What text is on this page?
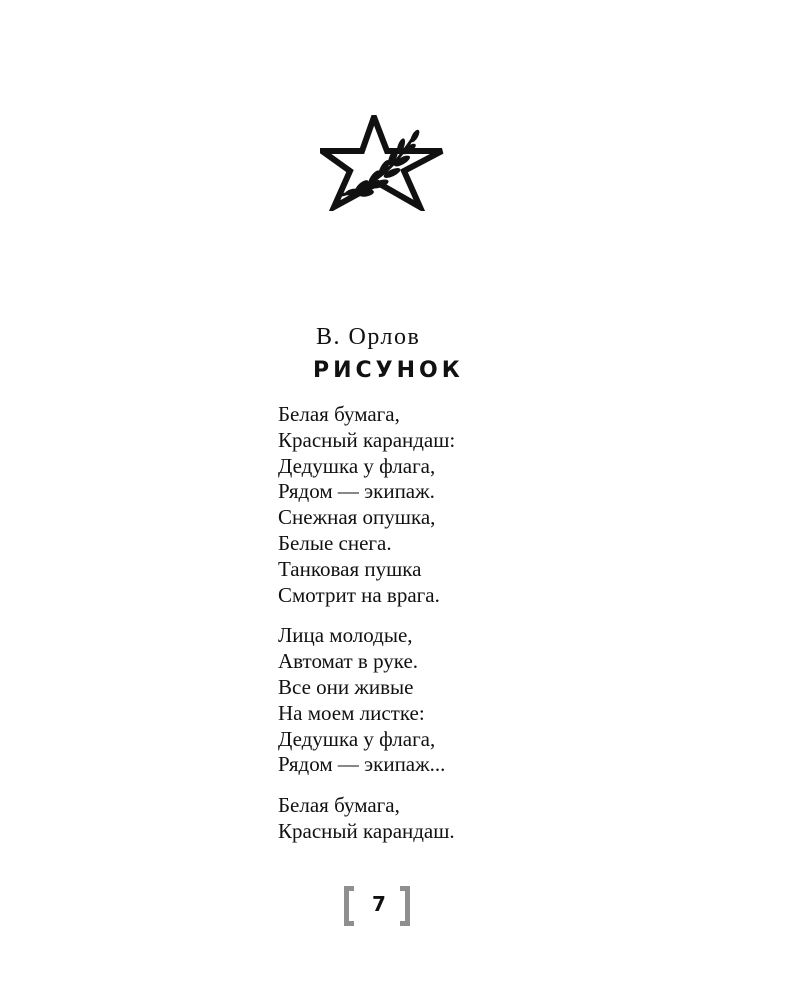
В. Орлов
РИСУНОК
Белая бумага,
Красный карандаш:
Дедушка у флага,
Рядом — экипаж.
Снежная опушка,
Белые снега.
Танковая пушка
Смотрит на врага.
Лица молодые,
Автомат в руке.
Все они живые
На моем листке:
Дедушка у флага,
Рядом — экипаж...
Белая бумага,
Красный карандаш.
7
